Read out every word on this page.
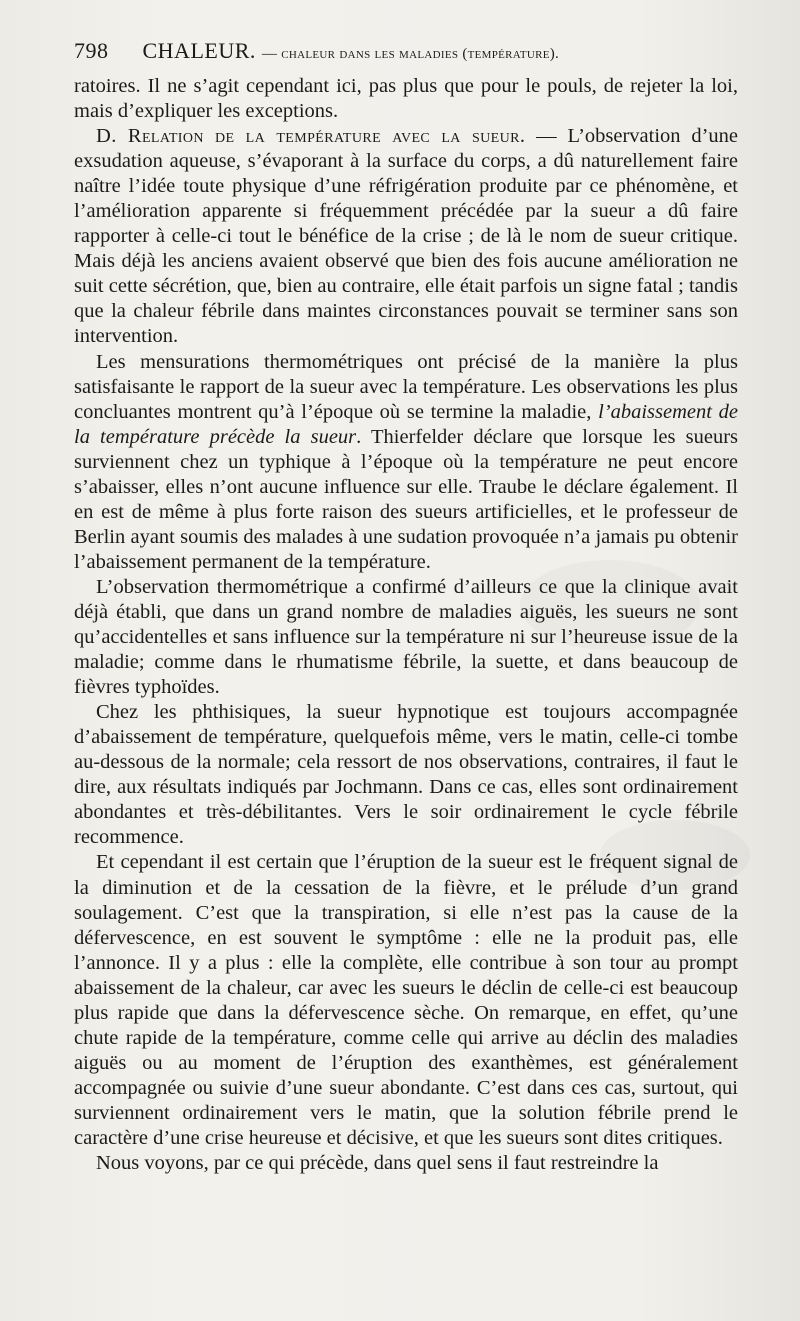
798 CHALEUR. — chaleur dans les maladies (température).

ratoires. Il ne s’agit cependant ici, pas plus que pour le pouls, de rejeter la loi, mais d’expliquer les exceptions.

D. Relation de la température avec la sueur. — L’observation d’une exsudation aqueuse, s’évaporant à la surface du corps, a dû naturellement faire naître l’idée toute physique d’une réfrigération produite par ce phénomène, et l’amélioration apparente si fréquemment précédée par la sueur a dû faire rapporter à celle-ci tout le bénéfice de la crise ; de là le nom de sueur critique. Mais déjà les anciens avaient observé que bien des fois aucune amélioration ne suit cette sécrétion, que, bien au contraire, elle était parfois un signe fatal ; tandis que la chaleur fébrile dans maintes circonstances pouvait se terminer sans son intervention.

Les mensurations thermométriques ont précisé de la manière la plus satisfaisante le rapport de la sueur avec la température. Les observations les plus concluantes montrent qu’à l’époque où se termine la maladie, l’abaissement de la température précède la sueur. Thierfelder déclare que lorsque les sueurs surviennent chez un typhique à l’époque où la température ne peut encore s’abaisser, elles n’ont aucune influence sur elle. Traube le déclare également. Il en est de même à plus forte raison des sueurs artificielles, et le professeur de Berlin ayant soumis des malades à une sudation provoquée n’a jamais pu obtenir l’abaissement permanent de la température.

L’observation thermométrique a confirmé d’ailleurs ce que la clinique avait déjà établi, que dans un grand nombre de maladies aiguës, les sueurs ne sont qu’accidentelles et sans influence sur la température ni sur l’heureuse issue de la maladie; comme dans le rhumatisme fébrile, la suette, et dans beaucoup de fièvres typhoïdes.

Chez les phthisiques, la sueur hypnotique est toujours accompagnée d’abaissement de température, quelquefois même, vers le matin, celle-ci tombe au-dessous de la normale; cela ressort de nos observations, contraires, il faut le dire, aux résultats indiqués par Jochmann. Dans ce cas, elles sont ordinairement abondantes et très-débilitantes. Vers le soir ordinairement le cycle fébrile recommence.

Et cependant il est certain que l’éruption de la sueur est le fréquent signal de la diminution et de la cessation de la fièvre, et le prélude d’un grand soulagement. C’est que la transpiration, si elle n’est pas la cause de la défervescence, en est souvent le symptôme : elle ne la produit pas, elle l’annonce. Il y a plus : elle la complète, elle contribue à son tour au prompt abaissement de la chaleur, car avec les sueurs le déclin de celle-ci est beaucoup plus rapide que dans la défervescence sèche. On remarque, en effet, qu’une chute rapide de la température, comme celle qui arrive au déclin des maladies aiguës ou au moment de l’éruption des exanthèmes, est généralement accompagnée ou suivie d’une sueur abondante. C’est dans ces cas, surtout, qui surviennent ordinairement vers le matin, que la solution fébrile prend le caractère d’une crise heureuse et décisive, et que les sueurs sont dites critiques.

Nous voyons, par ce qui précède, dans quel sens il faut restreindre la
